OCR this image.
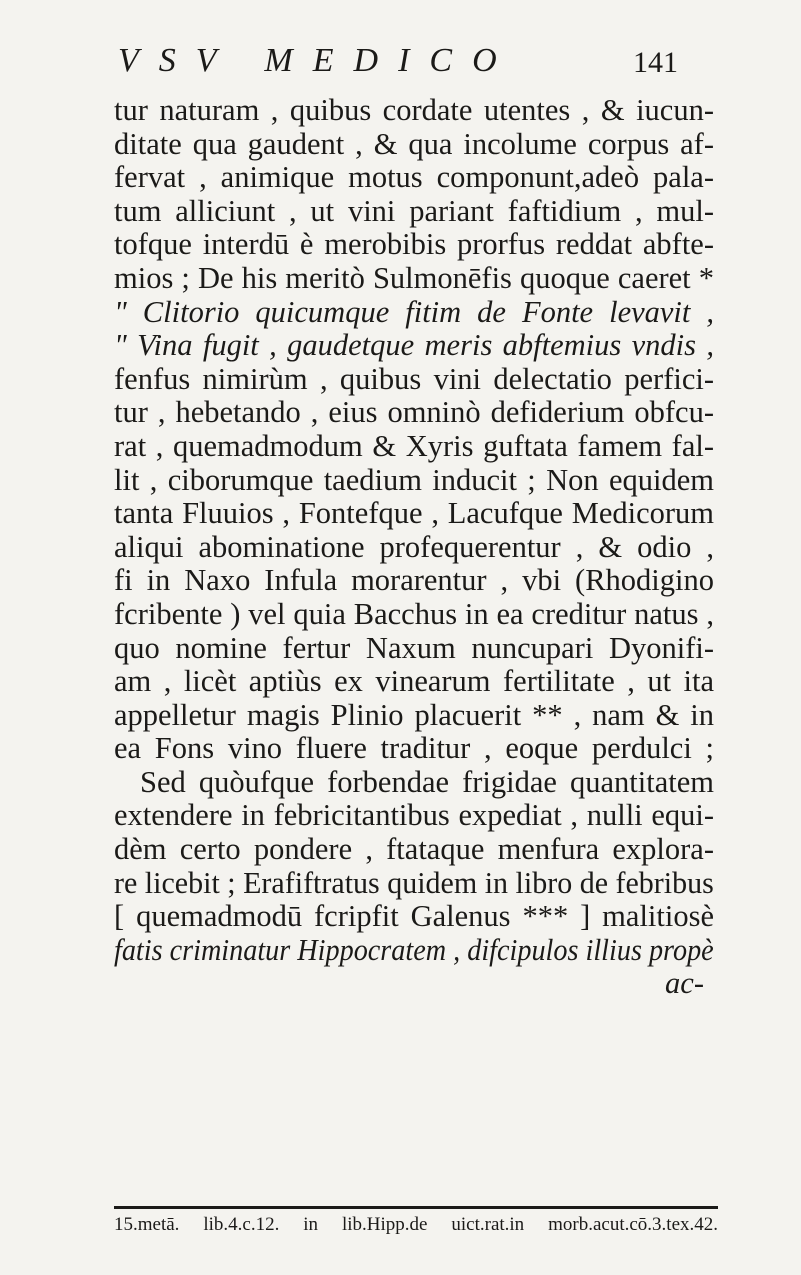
VSV MEDICO	141
tur naturam , quibus cordate utentes , & iucun-
ditate qua gaudent , & qua incolume corpus af-
fervat , animique motus componunt,adeò pala-
tum alliciunt , ut vini pariant faftidium , mul-
tofque interdū è merobibis prorfus reddat abfte-
mios ; De his meritò Sulmonēfis quoque caeret *
" Clitorio quicumque fitim de Fonte levavit ,
" Vina fugit , gaudetque meris abftemius vndis ,
fenfus nimirùm , quibus vini delectatio perfici-
tur , hebetando , eius omninò defiderium obfcu-
rat , quemadmodum & Xyris guftata famem fal-
lit , ciborumque taedium inducit ; Non equidem
tanta Fluuios , Fontefque , Lacufque Medicorum
aliqui abominatione profequerentur , & odio ,
fi in Naxo Infula morarentur , vbi (Rhodigino
fcribente ) vel quia Bacchus in ea creditur natus ,
quo nomine fertur Naxum nuncupari Dyonifi-
am , licèt aptiùs ex vinearum fertilitate , ut ita
appelletur magis Plinio placuerit ** , nam & in
ea Fons vino fluere traditur , eoque perdulci ;
Sed quòufque forbendae frigidae quantitatem
extendere in febricitantibus expediat , nulli equi-
dèm certo pondere , ftataque menfura explora-
re licebit ; Erafiftratus quidem in libro de febribus
[ quemadmodū fcripfit Galenus *** ] malitiosè
fatis criminatur Hippocratem , difcipulos illius propè
ac-
15.metā. lib.4.c.12. in lib.Hipp.de uict.rat.in morb.acut.cō.3.tex.42.
